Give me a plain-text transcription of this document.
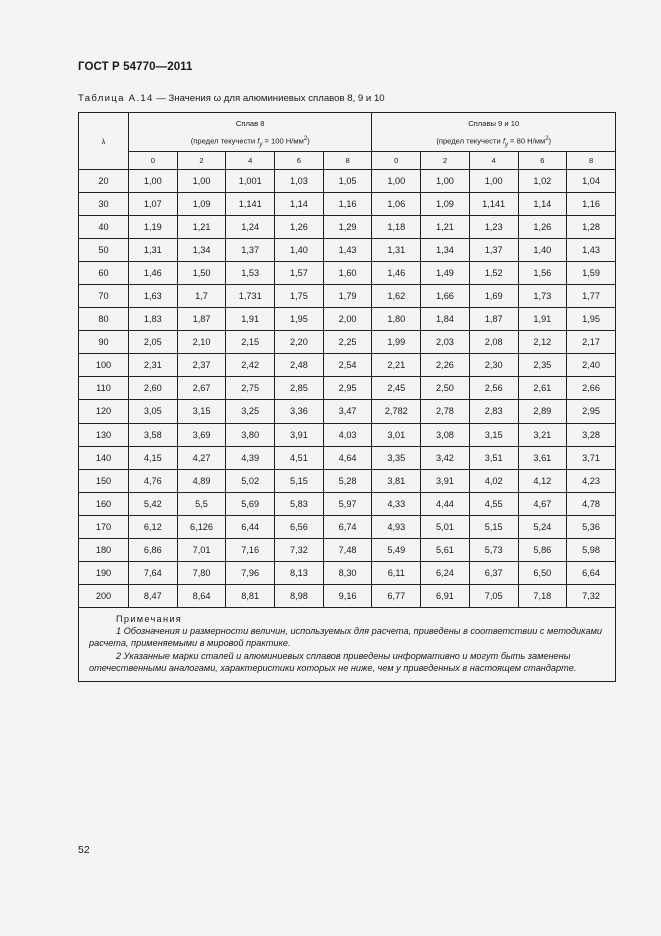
ГОСТ Р 54770—2011
Таблица А.14 — Значения ω для алюминиевых сплавов 8, 9 и 10
λ	Сплав 8					Сплавы 9 и 10				
	(предел текучести $f_y = 100$ $Н/мм^2$)					(предел текучести $f_y = 80$ $Н/мм^2$)				
	0	2	4	6	8	0	2	4	6	8
20	1,00	1,00	1,001	1,03	1,05	1,00	1,00	1,00	1,02	1,04
30	1,07	1,09	1,141	1,14	1,16	1,06	1,09	1,141	1,14	1,16
40	1,19	1,21	1,24	1,26	1,29	1,18	1,21	1,23	1,26	1,28
50	1,31	1,34	1,37	1,40	1,43	1,31	1,34	1,37	1,40	1,43
60	1,46	1,50	1,53	1,57	1,60	1,46	1,49	1,52	1,56	1,59
70	1,63	1,7	1,731	1,75	1,79	1,62	1,66	1,69	1,73	1,77
80	1,83	1,87	1,91	1,95	2,00	1,80	1,84	1,87	1,91	1,95
90	2,05	2,10	2,15	2,20	2,25	1,99	2,03	2,08	2,12	2,17
100	2,31	2,37	2,42	2,48	2,54	2,21	2,26	2,30	2,35	2,40
110	2,60	2,67	2,75	2,85	2,95	2,45	2,50	2,56	2,61	2,66
120	3,05	3,15	3,25	3,36	3,47	2,782	2,78	2,83	2,89	2,95
130	3,58	3,69	3,80	3,91	4,03	3,01	3,08	3,15	3,21	3,28
140	4,15	4,27	4,39	4,51	4,64	3,35	3,42	3,51	3,61	3,71
150	4,76	4,89	5,02	5,15	5,28	3,81	3,91	4,02	4,12	4,23
160	5,42	5,5	5,69	5,83	5,97	4,33	4,44	4,55	4,67	4,78
170	6,12	6,126	6,44	6,56	6,74	4,93	5,01	5,15	5,24	5,36
180	6,86	7,01	7,16	7,32	7,48	5,49	5,61	5,73	5,86	5,98
190	7,64	7,80	7,96	8,13	8,30	6,11	6,24	6,37	6,50	6,64
200	8,47	8,64	8,81	8,98	9,16	6,77	6,91	7,05	7,18	7,32

Примечания
1 Обозначения и размерности величин, используемых для расчета, приведены в соответствии с методиками расчета, применяемыми в мировой практике.
2 Указанные марки сталей и алюминиевых сплавов приведены информативно и могут быть заменены отечественными аналогами, характеристики которых не ниже, чем у приведенных в настоящем стандарте.										
52
